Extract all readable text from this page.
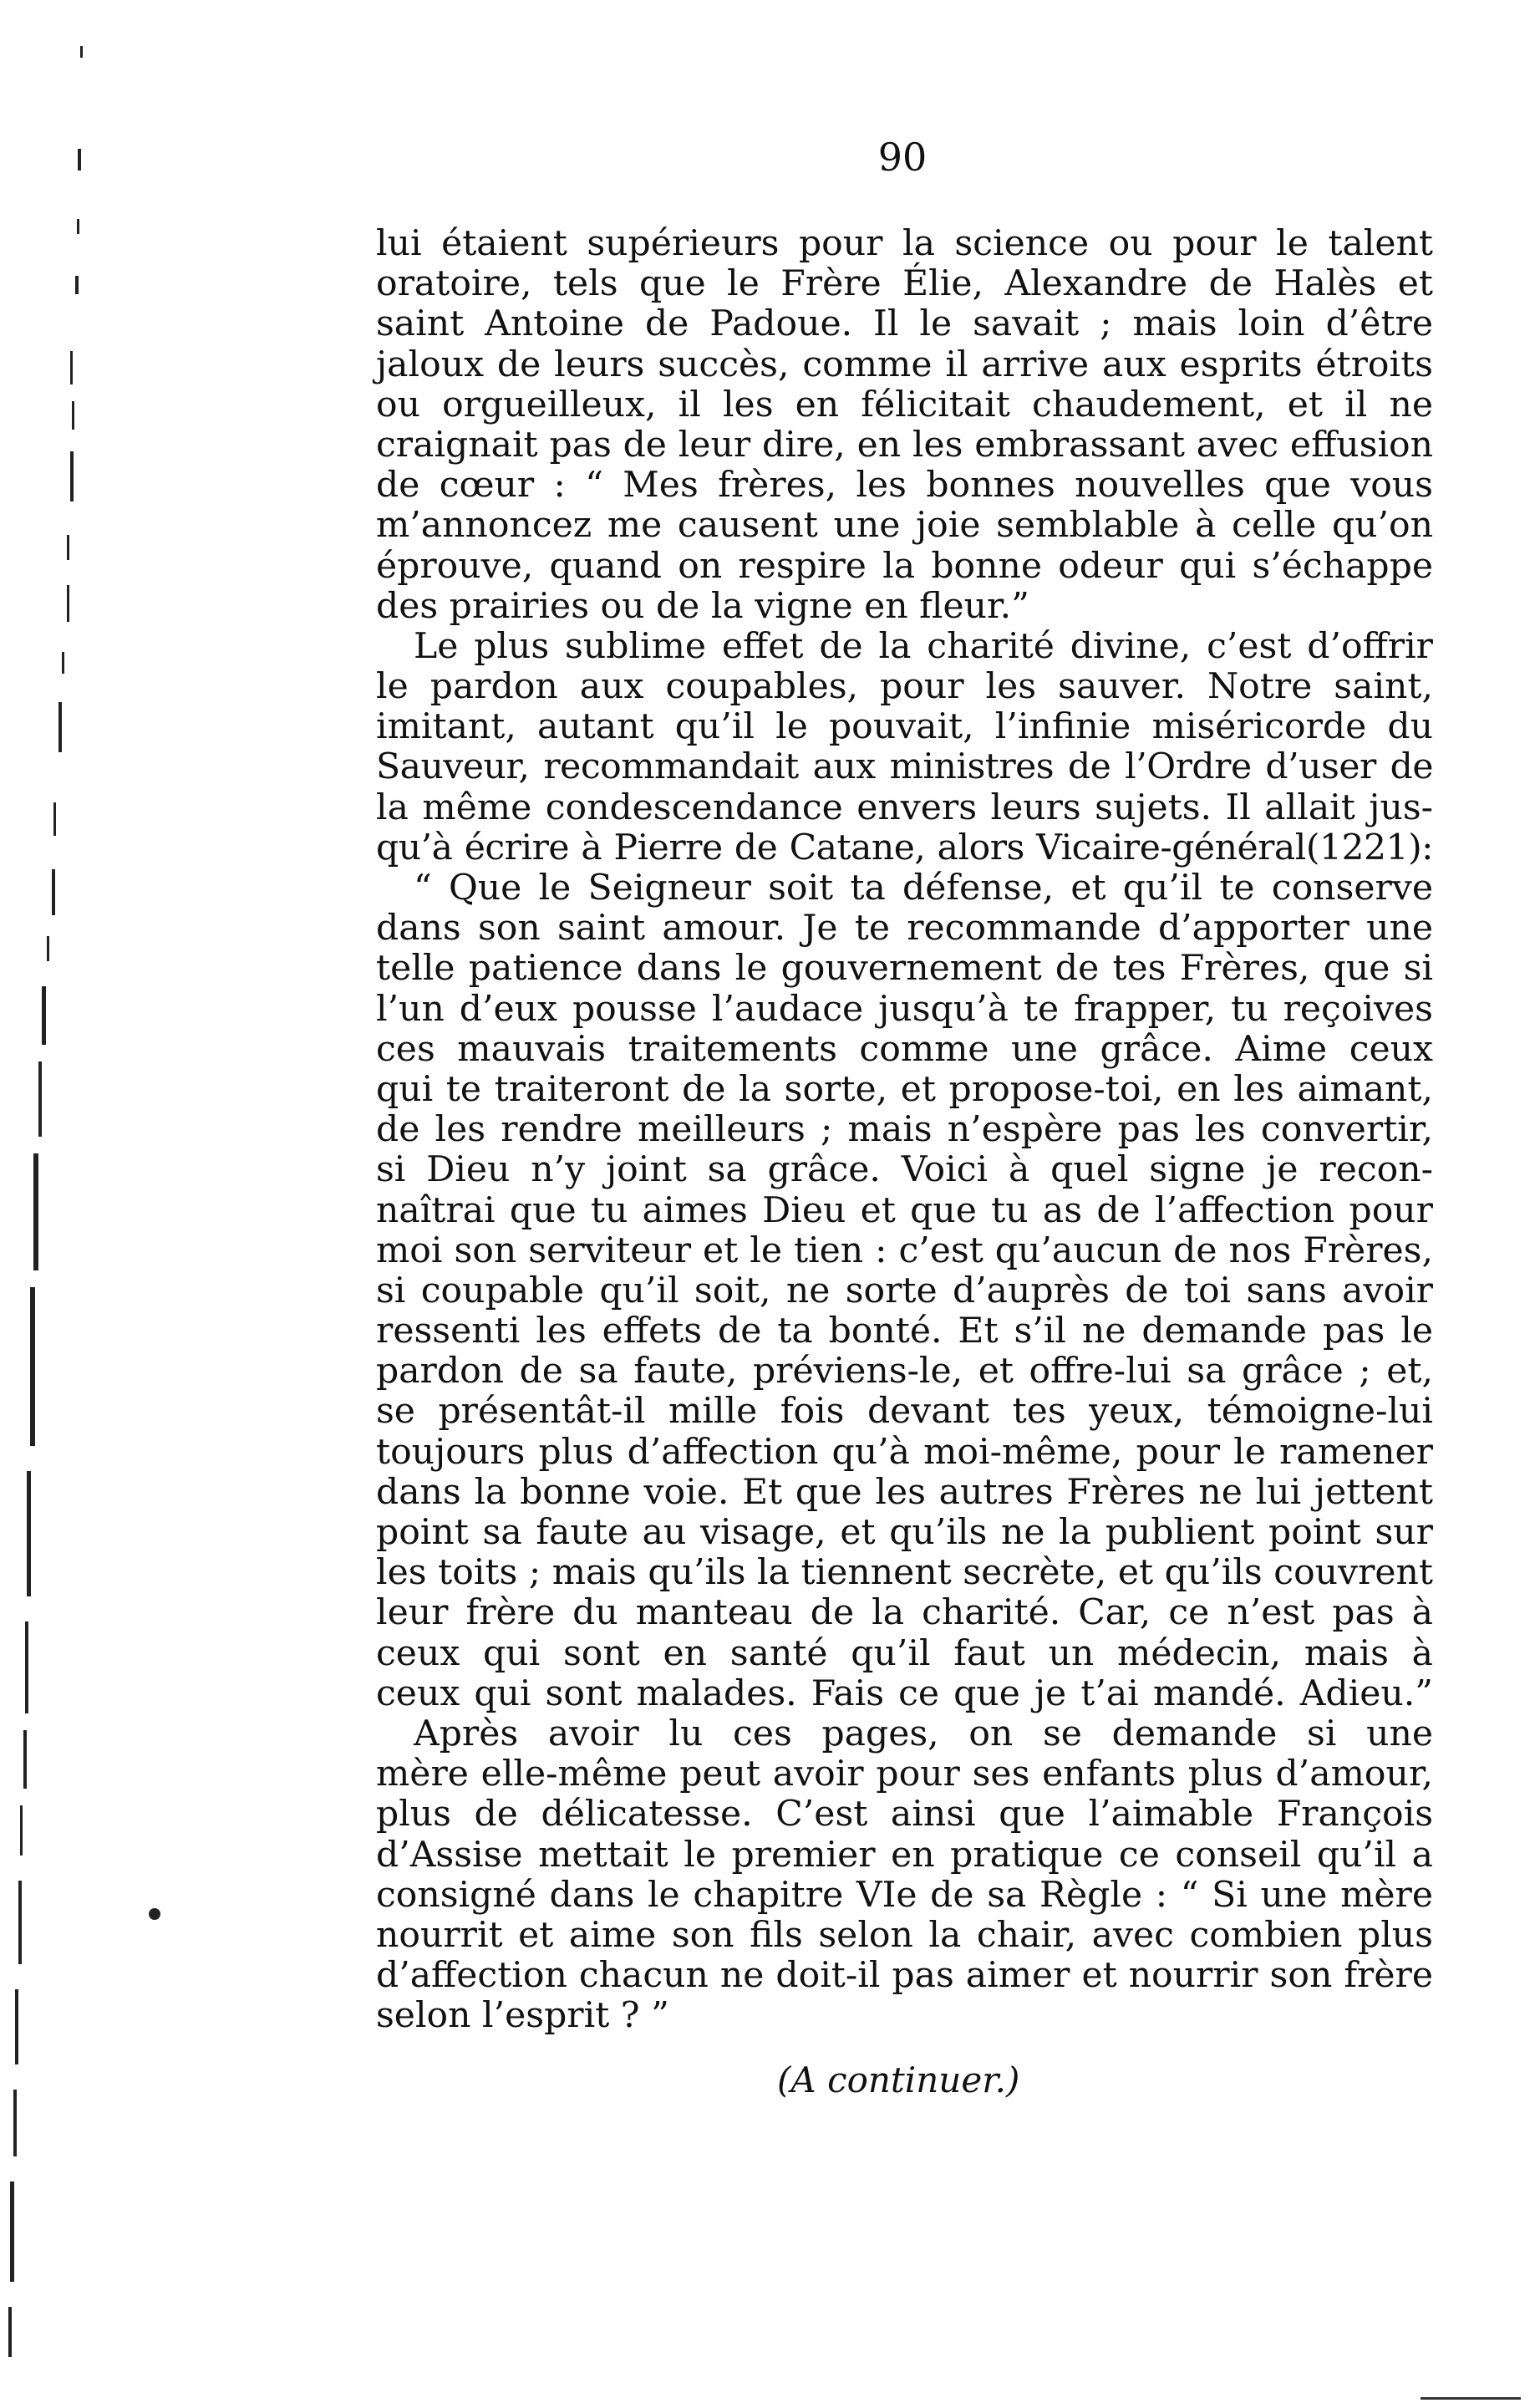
90
lui étaient supérieurs pour la science ou pour le talent
oratoire, tels que le Frère Élie, Alexandre de Halès et
saint Antoine de Padoue. Il le savait ; mais loin d’être
jaloux de leurs succès, comme il arrive aux esprits étroits
ou orgueilleux, il les en félicitait chaudement, et il ne
craignait pas de leur dire, en les embrassant avec effusion
de cœur : “ Mes frères, les bonnes nouvelles que vous
m’annoncez me causent une joie semblable à celle qu’on
éprouve, quand on respire la bonne odeur qui s’échappe
des prairies ou de la vigne en fleur.”
Le plus sublime effet de la charité divine, c’est d’offrir
le pardon aux coupables, pour les sauver. Notre saint,
imitant, autant qu’il le pouvait, l’infinie miséricorde du
Sauveur, recommandait aux ministres de l’Ordre d’user de
la même condescendance envers leurs sujets. Il allait jus-
qu’à écrire à Pierre de Catane, alors Vicaire-général(1221):
“ Que le Seigneur soit ta défense, et qu’il te conserve
dans son saint amour. Je te recommande d’apporter une
telle patience dans le gouvernement de tes Frères, que si
l’un d’eux pousse l’audace jusqu’à te frapper, tu reçoives
ces mauvais traitements comme une grâce. Aime ceux
qui te traiteront de la sorte, et propose-toi, en les aimant,
de les rendre meilleurs ; mais n’espère pas les convertir,
si Dieu n’y joint sa grâce. Voici à quel signe je recon-
naîtrai que tu aimes Dieu et que tu as de l’affection pour
moi son serviteur et le tien : c’est qu’aucun de nos Frères,
si coupable qu’il soit, ne sorte d’auprès de toi sans avoir
ressenti les effets de ta bonté. Et s’il ne demande pas le
pardon de sa faute, préviens-le, et offre-lui sa grâce ; et,
se présentât-il mille fois devant tes yeux, témoigne-lui
toujours plus d’affection qu’à moi-même, pour le ramener
dans la bonne voie. Et que les autres Frères ne lui jettent
point sa faute au visage, et qu’ils ne la publient point sur
les toits ; mais qu’ils la tiennent secrète, et qu’ils couvrent
leur frère du manteau de la charité. Car, ce n’est pas à
ceux qui sont en santé qu’il faut un médecin, mais à
ceux qui sont malades. Fais ce que je t’ai mandé. Adieu.”
Après avoir lu ces pages, on se demande si une
mère elle-même peut avoir pour ses enfants plus d’amour,
plus de délicatesse. C’est ainsi que l’aimable François
d’Assise mettait le premier en pratique ce conseil qu’il a
consigné dans le chapitre VIe de sa Règle : “ Si une mère
nourrit et aime son fils selon la chair, avec combien plus
d’affection chacun ne doit-il pas aimer et nourrir son frère
selon l’esprit ? ”
(A continuer.)
